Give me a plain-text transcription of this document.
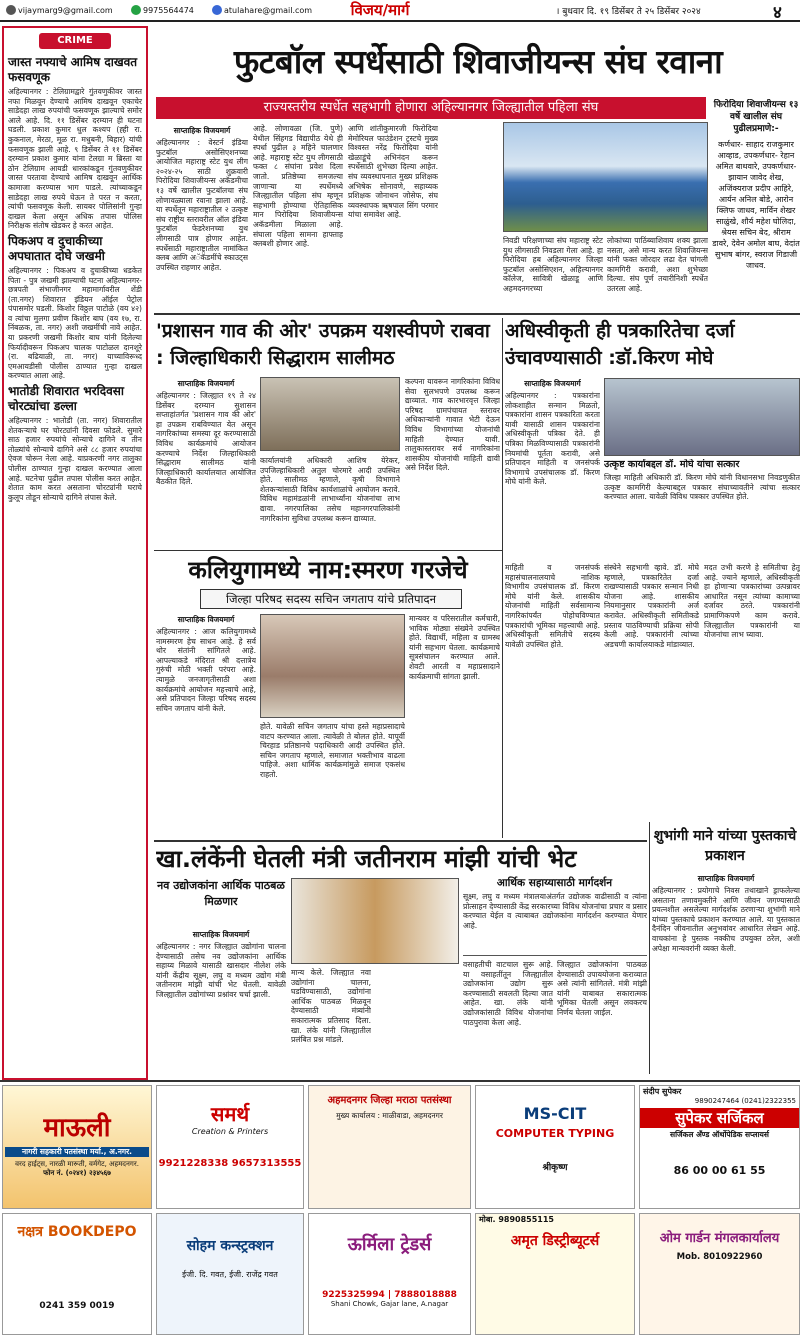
vijaymarg9@gmail.com	9975564474	atulahare@gmail.com	विजय/मार्ग	। बुधवार दि. १९ डिसेंबर ते २५ डिसेंबर २०२४	४
CRIME
जास्त नफ्याचे आमिष दाखवत फसवणूक

अहिल्यानगर : टेलिग्रामद्वारे गुंतवणुकीवर जास्त नफा मिळवून देण्याचे आमिष दाखवून एकाचेर साडेदहा लाख रुपयांची फसवणूक झाल्याचे समोर आले आहे. दि. ११ डिसेंबर दरम्यान ही घटना घडली. प्रकाश कुमार धुल कश्यप (ह्ही रा. कुकनाल, मेरठा, मूळ रा. मधुबनी, बिहार) यांची फसवणूक झाली आहे. ९ डिसेंबर ते ११ डिसेंबर दरम्यान प्रकाश कुमार यांना टेलग्रा म ब्रिस्ता या ठोन टेलिग्राम आयडी धारकांकडून गुंतवणुकीवर जास्त परतावा देण्याचे आमिष दाखवून आर्थिक कामाजा करण्यास भाग पाडले. त्यांच्याकडून साडेदहा लाख रुपये घेऊन ते परत न करता, त्यांची फसवणूक केली. सायबर पोलिसांनी गुन्हा दाखल केला असून अधिक तपास पोलिस निरीक्षक संतोष खेडकर हे करत आहेत.

पिकअप व दुचाकीच्या अपघातात दोघे जखमी

अहिल्यानगर : पिकअप व दुचाकीच्या धडकेत पिता - पुत्र जखमी झाल्याची घटना अहिल्यानगर- छत्रपती संभाजीनगर महामार्गावरील शेंडी (ता.नगर) शिवारात इंडियन ऑईल पेट्रोल पंपासमोर घडली. किशोर विठ्ठल पाटोळे (वय ४२) व त्यांचा मुलगा प्रवीण किशोर बाघ (वय १७, रा. निंबळक, ता. नगर) अशी जखमींची नावे आहेत. या प्रकरणी जखमी किशोर बाघ यांनी दिलेल्या फिर्यादीवरून पिकअप चालक पाटोळल दानशूरे (रा. बढियाळी, ता. नगर) याच्याविरूध्द एमआयडीसी पोलीस ठाण्यात गुन्हा दाखल करण्यात आला आहे.

भातोडी शिवारात भरदिवसा चोरट्यांचा डल्ला

अहिल्यानगर : भातोडी (ता. नगर) शिवारातील शेतकऱ्याचे घर चोरट्यांनी दिवसा फोडले. सुमारे साठ हजार रुपयांचे सोन्याचे दागिने व तीन तोळ्यांचे सोन्याचे दागिने असे ८८ हजार रुपयांचा ऐवज चोरून नेला आहे. याप्रकरणी नगर तालुका पोलीस ठाण्यात गुन्हा दाखल करण्यात आला आहे. घटनेचा पुढील तपास पोलीस करत आहेत. शेतात काम करत असताना चोरट्यांनी घराचे कुलूप तोडून सोन्याचे दागिने लंपास केले.

फुटबॉल स्पर्धेसाठी शिवाजीयन्स संघ रवाना
राज्यस्तरीय स्पर्धेत सहभागी होणारा अहिल्यानगर जिल्ह्यातील पहिला संघ
साप्ताहिक विजयमार्ग
अहिल्यानगर : वेस्टर्न इंडिया फुटबॉल असोसिएशनच्या आयोजित महाराष्ट्र स्टेट युथ लीग २०२४-२५ साठी शुक्रवारी पिरोदिया शिवाजीयन्स अकॅडमीचा १३ वर्षे खालील फुटबॉलचा संघ लोणावळ्याला रवाना झाला आहे. या स्पर्धेतून महाराष्ट्रातील २ उत्कृष्ट संघ राष्ट्रीय स्तरावरील ऑल इंडिया फुटबॉल फेडरेशनच्या युथ लीगसाठी पात्र होणार आहेत. स्पर्धेसाठी महाराष्ट्रातील नामांकित क्लब आणि अॅकॅडमींचे स्काउट्स उपस्थित राहणार आहेत.
आहे. लोणावळा (जि. पुणे) येथील सिंहगड विद्यापीठ येथे ही स्पर्धा पुढील ३ महिने चालणार आहे. महाराष्ट्र स्टेट युथ लीगसाठी फक्त ८ संघांना प्रवेश दिला जातो. प्रतिष्ठेच्या समजल्या जाणाऱ्या या स्पर्धेमध्ये जिल्ह्यातील पहिला संघ म्हणून सहभागी होण्याचा ऐतिहासिक मान पिरोदिया शिवाजीयन्स अकॅडमीला मिळाला आहे. संघाला पहिला सामना हाफ्ताह क्लबशी होणार आहे.
आणि शांतीकुमारजी फिरोदिया मेमोरियल फाउंडेशन ट्रस्टचे मुख्य विश्वस्त नरेंद्र फिरोदिया यांनी खेळाडूंचे अभिनंदन करून स्पर्धेसाठी शुभेच्छा दिल्या आहेत. संघ व्यवस्थापनात मुख्य प्रशिक्षक अभिषेक सोनावणे, सहाय्यक प्रशिक्षक जोनाथन जोसेफ, संघ व्यवस्थापक ऋषपाल सिंग परमार यांचा समावेश आहे.
निवडी परिक्षणाच्या संघ महाराष्ट्र स्टेट युथ लीगसाठी निवडला गेला आहे. हा पिरोदिया हब अहिल्यानगर जिल्हा फुटबॉल असोसिएशन, अहिल्यानगर कॉलेज, सावित्री खेळाडू आणि अहमदनगरच्या
लोकांच्या पाठिंब्याशिवाय शक्य झाला नसता, असे मान्य करत शिवाजियन्स यांनी फक्त जोरदार लढा देत चांगली कामगिरी करावी, अशा शुभेच्छा दिल्या. संघ पूर्ण तयारीनिशी स्पर्धेत उतरला आहे.
फिरोदिया शिवाजीयन्स १३ वर्षे खालील संघ पुढीलप्रमाणे:-
कर्णधार- साहाद राजकुमार आव्हाड, उपकर्णधार- रेहान अमित बाथवारे, उपकर्णधार- झायान जावेद शेख, अजिंक्यराज प्रदीप आहिरे, आर्यन अनिल बोडे, आरोन क्लिफ जाधव, मार्विन शेखर साळुंखे, शौर्य महेश घोलिदा, श्रेयस सचिन बेद, श्रीराम डावरे, देवेन अमोल बाघ, वेदांत सुभाष बांगर, स्वराज गिडाजी जाधव.
'प्रशासन गाव की ओर' उपक्रम यशस्वीपणे राबवा : जिल्हाधिकारी सिद्धाराम सालीमठ
साप्ताहिक विजयमार्ग
अहिल्यानगर : जिल्ह्यात १९ ते २४ डिसेंबर दरम्यान सुशासन सप्ताहांतर्गत 'प्रशासन गाव की ओर' हा उपक्रम राबविण्यात येत असून नागरिकांच्या समस्या दूर करण्यासाठी विविध कार्यक्रमांचे आयोजन करण्याचे निर्देश जिल्हाधिकारी सिद्धाराम सालीमठ यांनी जिल्हाधिकारी कार्यालयात आयोजित बैठकीत दिले.
कार्यालयांनी अधिकारी आशिष येरेकर, उपजिल्हाधिकारी अतुल चोरमारे आदी उपस्थित होते. सालीमठ म्हणाले, कृषी विभागाने शेतकऱ्यांसाठी विविध कार्यशाळांचे आयोजन करावे. विविध महामंडळांनी लाभार्थ्यांना योजनांचा लाभ द्यावा. नगरपालिका तसेच महानगरपालिकांनी नागरिकांना सुविधा उपलब्ध करून द्याव्यात.
कल्पना यावरून नागरिकांना विविध सेवा सुलभपणे उपलब्ध करून द्याव्यात. गाव कारभारवृत्त जिल्हा परिषद ग्रामपंचायत स्तरावर अधिकाऱ्यांनी गावात भेटी देऊन विविध विभागांच्या योजनांची माहिती देण्यात यावी. तालुकास्तरावर सर्व नागरिकांना शासकीय योजनांची माहिती द्यावी असे निर्देश दिले.
अधिस्वीकृती ही पत्रकारितेचा दर्जा उंचावण्यासाठी :डॉ.किरण मोघे
साप्ताहिक विजयमार्ग
अहिल्यानगर : पत्रकारांना लोकशाहीत सन्मान मिळतो, पत्रकारांना शासन पत्रकारिता करता यावी यासाठी शासन पत्रकारांना अधिस्वीकृती पत्रिका देते. ही पत्रिका मिळविण्यासाठी पत्रकारांनी नियमांची पूर्तता करावी, असे प्रतिपादन माहिती व जनसंपर्क विभागाचे उपसंचालक डॉ. किरण मोघे यांनी केले.
उत्कृष्ट कार्याबद्दल डॉ. मोघे यांचा सत्कार
जिल्हा माहिती अधिकारी डॉ. किरण मोघे यांनी विधानसभा निवडणुकीत उत्कृष्ट कामगिरी केल्याबद्दल पत्रकार संघाच्यावतीने त्यांचा सत्कार करण्यात आला. यावेळी विविध पत्रकार उपस्थित होते.
माहिती व जनसंपर्क महासंचालनालयाचे नाशिक विभागीय उपसंचालक डॉ. किरण मोघे यांनी केले. शासकीय योजनांची माहिती सर्वसामान्य नागरिकांपर्यंत पोहोचविण्यात पत्रकारांची भूमिका महत्त्वाची आहे. अधिस्वीकृती समितीचे सदस्य यावेळी उपस्थित होते.
संस्थेने सहभागी व्हावे. डॉ. मोघे म्हणाले, पत्रकारितेत दर्जा राखण्यासाठी पत्रकार सन्मान निधी योजना आहे. शासकीय नियमानुसार पत्रकारांनी अर्ज करावेत. अधिस्वीकृती समितीकडे प्रस्ताव पाठविण्याची प्रक्रिया सोपी केली आहे. पत्रकारांनी त्यांच्या अडचणी कार्यालयाकडे मांडाव्यात.
मदत उभी करणे हे समितीचा हेतू आहे. ज्याने म्हणाले, अधिस्वीकृती हा होणाऱ्या पत्रकारांच्या उत्पन्नावर आधारित नसून त्यांच्या कामाच्या दर्जावर ठरते. पत्रकारांनी प्रामाणिकपणे काम करावे. जिल्ह्यातील पत्रकारांनी या योजनांचा लाभ घ्यावा.
कलियुगामध्ये नाम:स्मरण गरजेचे
जिल्हा परिषद सदस्य सचिन जगताप यांचे प्रतिपादन
साप्ताहिक विजयमार्ग
अहिल्यानगर : आज कलियुगामध्ये नामस्मरण हेच साधन आहे. हे सर्व थोर संतांनी सांगितले आहे. आपल्याकडे मंदिरात श्री दत्तात्रेय गुरुंची मोठी भक्ती परंपरा आहे. त्यामुळे जनजागृतीसाठी अशा कार्यक्रमांचे आयोजन महत्त्वाचे आहे, असे प्रतिपादन जिल्हा परिषद सदस्य सचिन जगताप यांनी केले.
होते. यावेळी सचिन जगताप यांचा हस्ते महाप्रसादाचे वाटप करण्यात आला. त्यावेळी ते बोलत होते. यापूर्वी चिरहाड प्रतिष्ठानचे पदाधिकारी आदी उपस्थित होते. सचिन जगताप म्हणाले, समाजात भक्तीभाव वाढला पाहिजे. अशा धार्मिक कार्यक्रमांमुळे समाज एकसंध राहतो.
मान्यवर व परिसरातील कर्मचारी, भाविक मोठ्या संख्येने उपस्थित होते. विद्यार्थी, महिला व ग्रामस्थ यांनी सहभाग घेतला. कार्यक्रमाचे सूत्रसंचालन करण्यात आले. शेवटी आरती व महाप्रसादाने कार्यक्रमाची सांगता झाली.
खा.लंकेंनी घेतली मंत्री जतीनराम मांझी यांची भेट
नव उद्योजकांना आर्थिक पाठबळ मिळणार
साप्ताहिक विजयमार्ग
अहिल्यानगर : नगर जिल्ह्यात उद्योगांना चालना देण्यासाठी तसेच नव उद्योजकांना आर्थिक सहाय्य मिळावे यासाठी खासदार नीलेश लंके यांनी केंद्रीय सूक्ष्म, लघु व मध्यम उद्योग मंत्री जतीनराम मांझी यांची भेट घेतली. यावेळी जिल्ह्यातील उद्योगांच्या प्रश्नांवर चर्चा झाली.
मान्य केले. जिल्ह्यात नवा उद्योगांना चालना, घडविण्यासाठी, उद्योगांना आर्थिक पाठबळ मिळवून देण्यासाठी मंत्र्यांनी सकारात्मक प्रतिसाद दिला. खा. लंके यांनी जिल्ह्यातील प्रलंबित प्रश्न मांडले.
आर्थिक सहाय्यासाठी मार्गदर्शन
सूक्ष्म, लघु व मध्यम मंत्रालयाअंतर्गत उद्योजक वाढीसाठी व त्यांना प्रोत्साहन देण्यासाठी केंद्र सरकारच्या विविध योजनांचा प्रचार व प्रसार करण्यात येईल व त्याबाबत उद्योजकांना मार्गदर्शन करण्यात येणार आहे.
वसाहतीची वाटचाल सुरू आहे. या वसाहतींतून जिल्ह्यातील उद्योजकांना उद्योग सुरू करण्यासाठी सवलती दिल्या जात आहेत. खा. लंके यांनी उद्योजकांसाठी विविध योजनांचा पाठपुरावा केला आहे.
जिल्ह्यात उद्योजकांना पाठबळ देण्यासाठी उपाययोजना कराव्यात असे त्यांनी सांगितले. मंत्री मांझी यांनी याबाबत सकारात्मक भूमिका घेतली असून लवकरच निर्णय घेतला जाईल.
शुभांगी माने यांच्या पुस्तकाचे प्रकाशन
साप्ताहिक विजयमार्ग
अहिल्यानगर : प्रयोगाचे निवस तथाखाने ड्राफलेल्या असताना तणावमुक्तीने आणि जीवन जगण्यासाठी प्रयत्नशील असलेल्या मार्गदर्शक ठरणाऱ्या शुभांगी माने यांच्या पुस्तकाचे प्रकाशन करण्यात आले. या पुस्तकात दैनंदिन जीवनातील अनुभवांवर आधारित लेखन आहे. वाचकांना हे पुस्तक नक्कीच उपयुक्त ठरेल, अशी अपेक्षा मान्यवरांनी व्यक्त केली.
माऊली
नागरी सहकारी पतसंस्था मर्या., अ.नगर.
वरद हाईट्स, नारळी मारूती, वर्मगेट, अहमदनगर.
फोन नं. (०२४१) २३४५६७
समर्थ
Creation & Printers
9921228338 9657313555
अहमदनगर जिल्हा मराठा पतसंस्था
मुख्य कार्यालय : माळीवाडा, अहमदनगर	MS-CIT
COMPUTER TYPING
श्रीकृष्ण
संदीप सुपेकर
9890247464 (0241)2322355
सुपेकर सर्जिकल
सर्जिकल अँण्ड ऑर्थोपेडिक सप्लायर्स
86 00 00 61 55
नक्षत्र BOOKDEPO
0241 359 0019
सोहम कन्स्ट्रक्शन
ईजी. दि. गवत, ईजी. राजेंद्र गवत
ऊर्मिला ट्रेडर्स
9225325994 | 7888018888
Shani Chowk, Gajar lane, A.nagar
मोबा. 9890855115
अमृत डिस्ट्रीब्यूटर्स	ओम गार्डन मंगलकार्यालय
Mob. 8010922960
